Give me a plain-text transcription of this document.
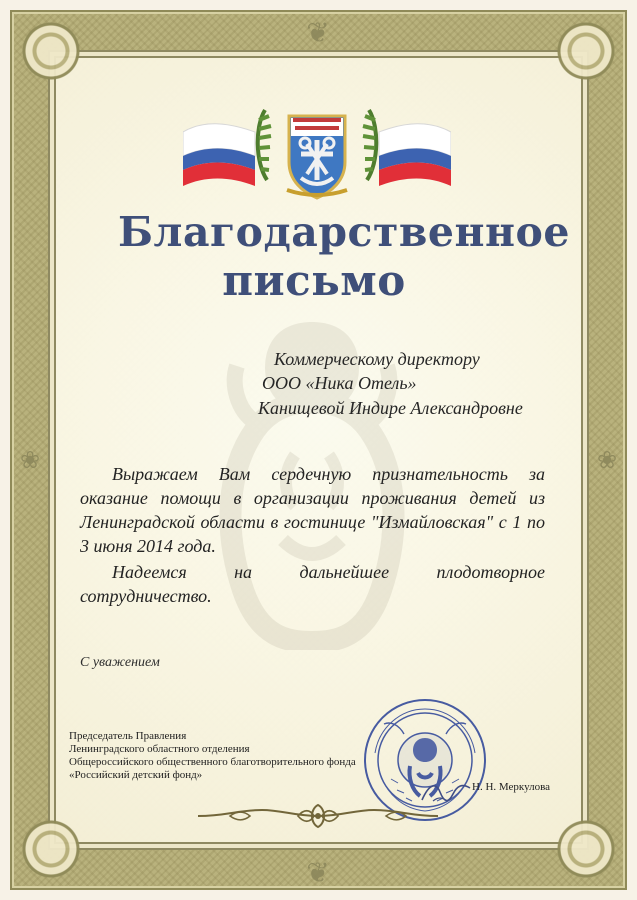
❦
❦
❀	❀
Благодарственное
письмо
Коммерческому директору
ООО «Ника Отель»
Канищевой Индире Александровне

Выражаем Вам сердечную признательность за оказание помощи в организации проживания детей из Ленинградской области в гостинице "Измайловская" с 1 по 3 июня 2014 года.

Надеемся на дальнейшее плодотворное сотрудничество.

С уважением
Председатель Правления
Ленинградского областного отделения
Общероссийского общественного благотворительного фонда
«Российский детский фонд»
Н. Н. Меркулова
